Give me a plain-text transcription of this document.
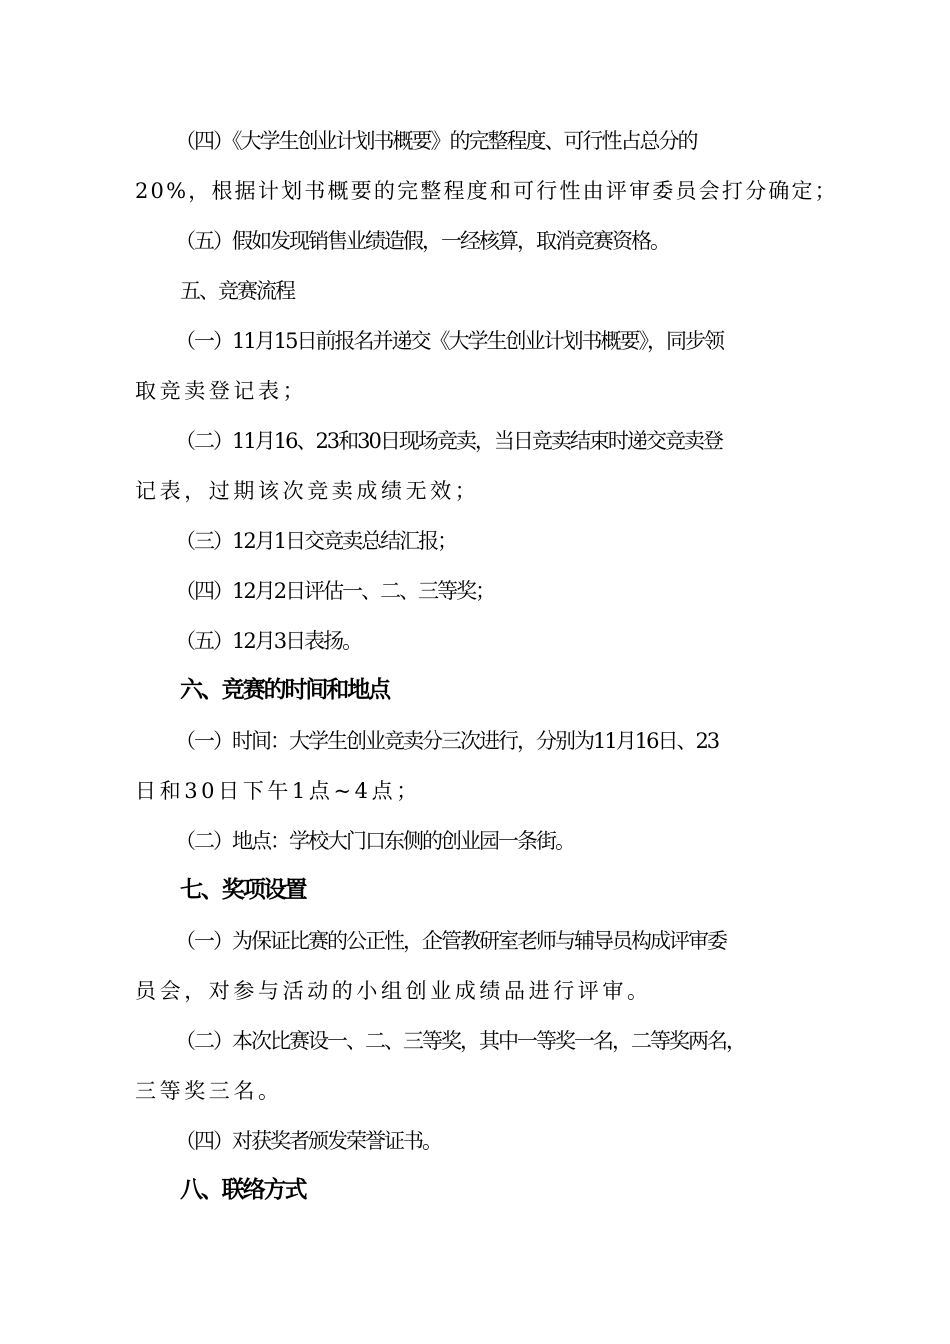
（四）《大学生创业计划书概要》的完整程度、可行性占总分的
20%，根据计划书概要的完整程度和可行性由评审委员会打分确定；
（五）假如发现销售业绩造假，一经核算，取消竞赛资格。
五、竞赛流程
（一）11月15日前报名并递交《大学生创业计划书概要》，同步领
取竞卖登记表；
（二）11月16、23和30日现场竞卖，当日竞卖结束时递交竞卖登
记表，过期该次竞卖成绩无效；
（三）12月1日交竞卖总结汇报；
（四）12月2日评估一、二、三等奖；
（五）12月3日表扬。
六、竞赛的时间和地点
（一）时间：大学生创业竞卖分三次进行，分别为11月16日、23
日和30日下午1点~4点；
（二）地点：学校大门口东侧的创业园一条街。
七、奖项设置
（一）为保证比赛的公正性，企管教研室老师与辅导员构成评审委
员会，对参与活动的小组创业成绩品进行评审。
（二）本次比赛设一、二、三等奖，其中一等奖一名，二等奖两名，
三等奖三名。
（四）对获奖者颁发荣誉证书。
八、联络方式
